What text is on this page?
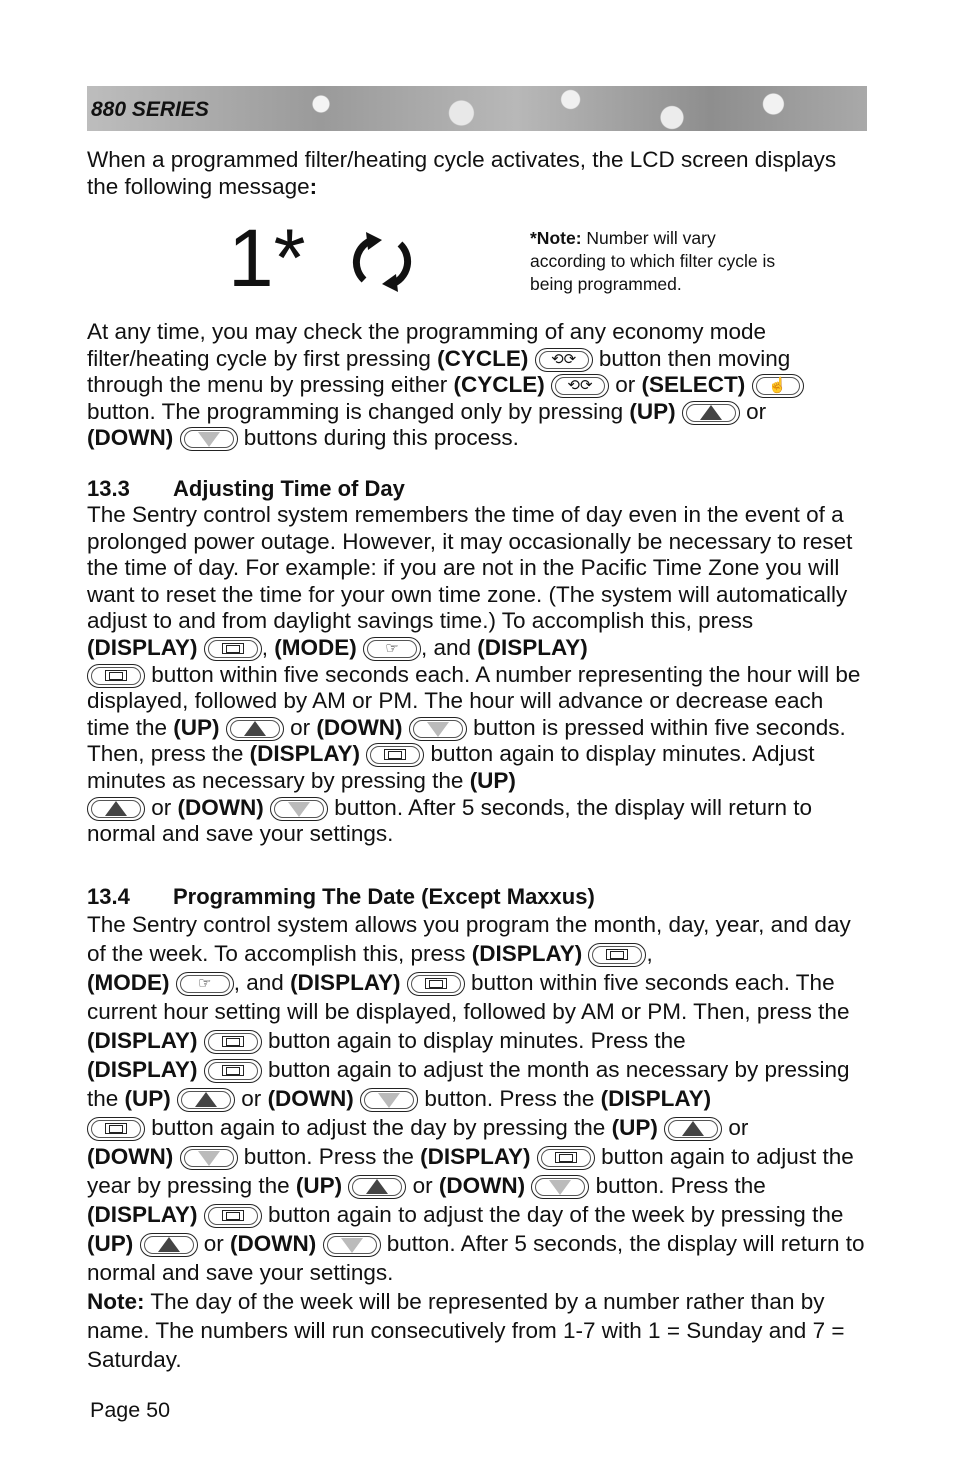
880 SERIES
When a programmed filter/heating cycle activates, the LCD screen displays the following message:
1*	*Note: Number will vary according to which filter cycle is being programmed.
At any time, you may check the programming of any economy mode filter/heating cycle by first pressing (CYCLE)	⟲⟳ button then moving through the menu by pressing either (CYCLE)	⟲⟳ or (SELECT)	☝
button. The programming is changed only by pressing (UP)	or
(DOWN)	buttons during this process.
13.3 Adjusting Time of Day
The Sentry control system remembers the time of day even in the event of a prolonged power outage. However, it may occasionally be necessary to reset the time of day. For example: if you are not in the Pacific Time Zone you will want to reset the time for your own time zone. (The system will automatically adjust to and from daylight savings time.) To accomplish this, press (DISPLAY)	, (MODE)	☞ , and (DISPLAY)

button within five seconds each. A number representing the hour will be displayed, followed by AM or PM. The hour will advance or decrease each time the (UP)	or (DOWN)	button is pressed within five seconds. Then, press the (DISPLAY)	button again to display minutes. Adjust minutes as necessary by pressing the (UP)

or (DOWN)	button. After 5 seconds, the display will return to normal and save your settings.
13.4 Programming The Date (Except Maxxus)
The Sentry control system allows you program the month, day, year, and day of the week. To accomplish this, press (DISPLAY)	,
(MODE)	☞ , and (DISPLAY)	button within five seconds each. The current hour setting will be displayed, followed by AM or PM. Then, press the (DISPLAY)	button again to display minutes. Press the
(DISPLAY)	button again to adjust the month as necessary by pressing the (UP)	or (DOWN)	button. Press the (DISPLAY)

button again to adjust the day by pressing the (UP)	or
(DOWN)	button. Press the (DISPLAY)	button again to adjust the year by pressing the (UP)	or (DOWN)	button. Press the
(DISPLAY)	button again to adjust the day of the week by pressing the (UP)	or (DOWN)	button. After 5 seconds, the display will return to normal and save your settings.
Note: The day of the week will be represented by a number rather than by name. The numbers will run consecutively from 1-7 with 1 = Sunday and 7 = Saturday.
Page 50
